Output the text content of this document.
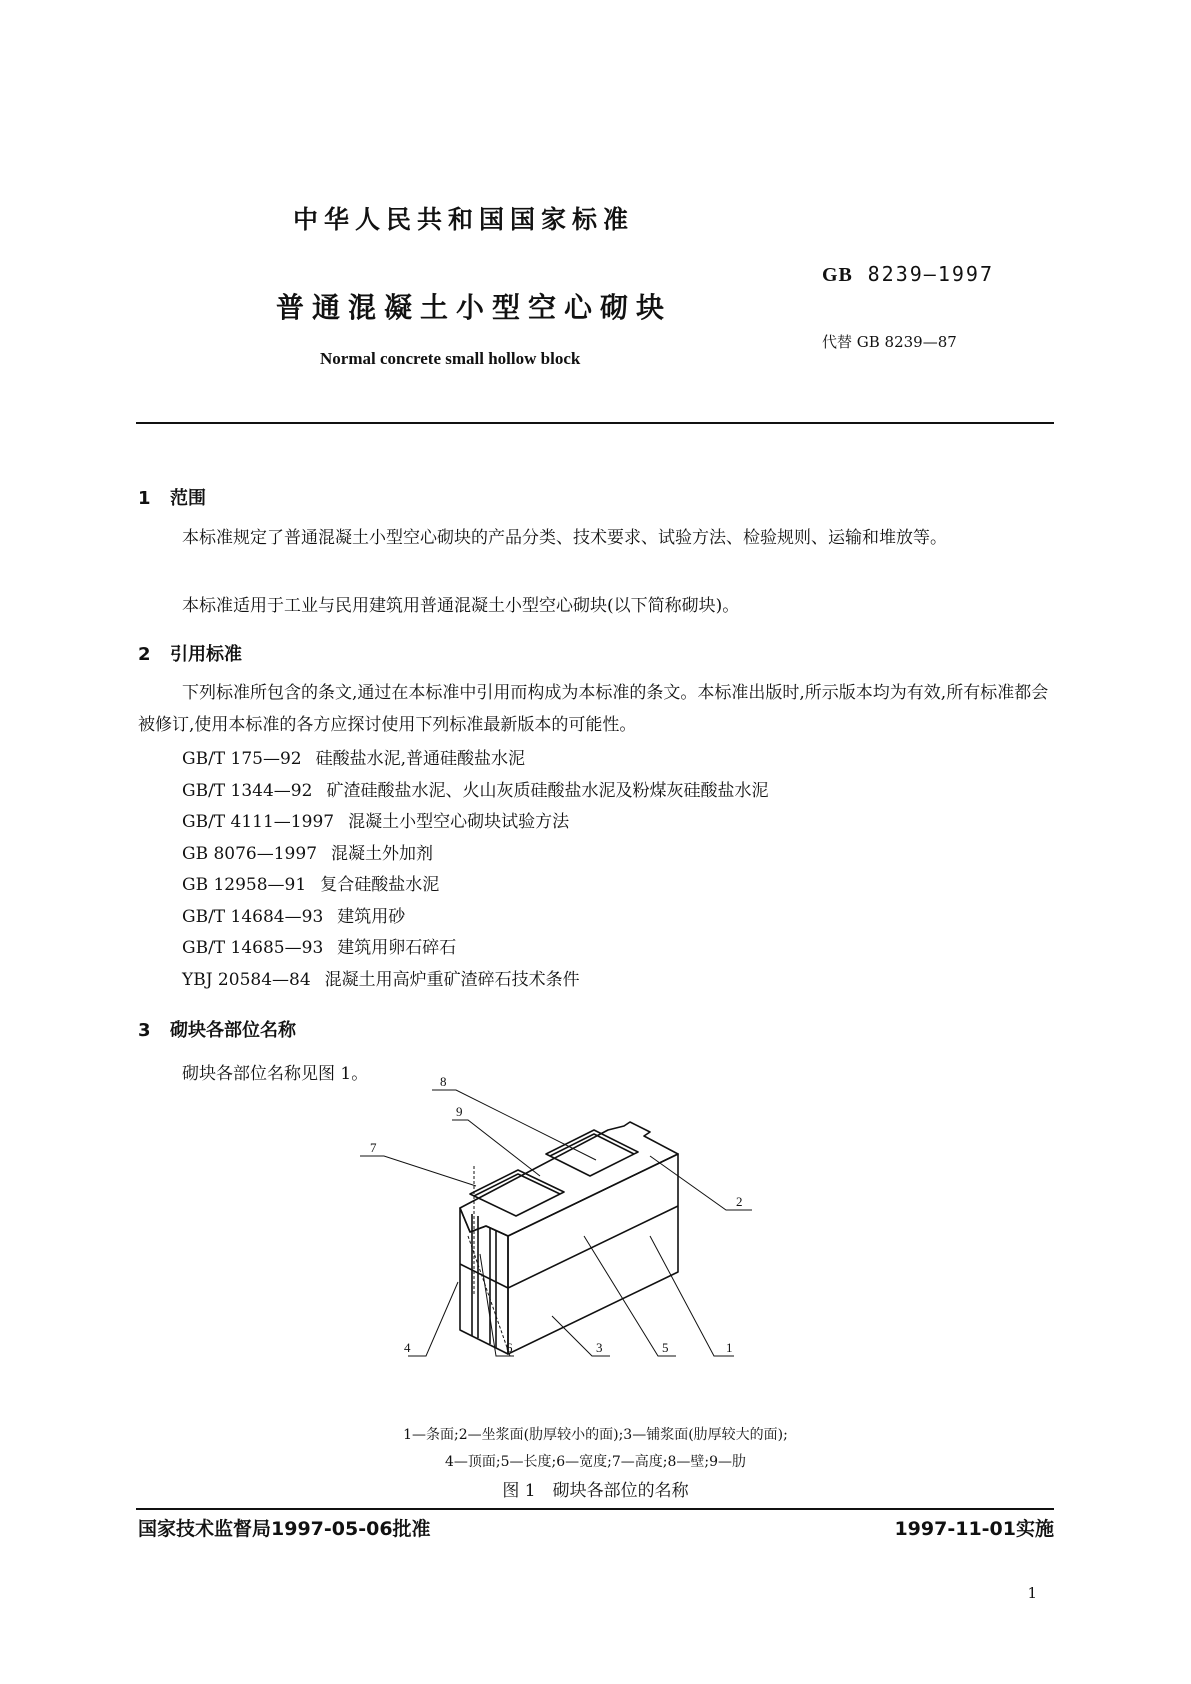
中华人民共和国国家标准
GB 8239—1997
普通混凝土小型空心砌块
代替 GB 8239—87
Normal concrete small hollow block
1 范围
本标准规定了普通混凝土小型空心砌块的产品分类、技术要求、试验方法、检验规则、运输和堆放等。
本标准适用于工业与民用建筑用普通混凝土小型空心砌块(以下简称砌块)。
2 引用标准
下列标准所包含的条文,通过在本标准中引用而构成为本标准的条文。本标准出版时,所示版本均为有效,所有标准都会被修订,使用本标准的各方应探讨使用下列标准最新版本的可能性。
GB/T 175—92 硅酸盐水泥,普通硅酸盐水泥
GB/T 1344—92 矿渣硅酸盐水泥、火山灰质硅酸盐水泥及粉煤灰硅酸盐水泥
GB/T 4111—1997 混凝土小型空心砌块试验方法
GB 8076—1997 混凝土外加剂
GB 12958—91 复合硅酸盐水泥
GB/T 14684—93 建筑用砂
GB/T 14685—93 建筑用卵石碎石
YBJ 20584—84 混凝土用高炉重矿渣碎石技术条件
3 砌块各部位名称
砌块各部位名称见图 1。	8
9
7
2
4	6	3	5	1
1—条面;2—坐浆面(肋厚较小的面);3—铺浆面(肋厚较大的面);
4—顶面;5—长度;6—宽度;7—高度;8—壁;9—肋
图 1　砌块各部位的名称
国家技术监督局1997-05-06批准	1997-11-01实施
1
